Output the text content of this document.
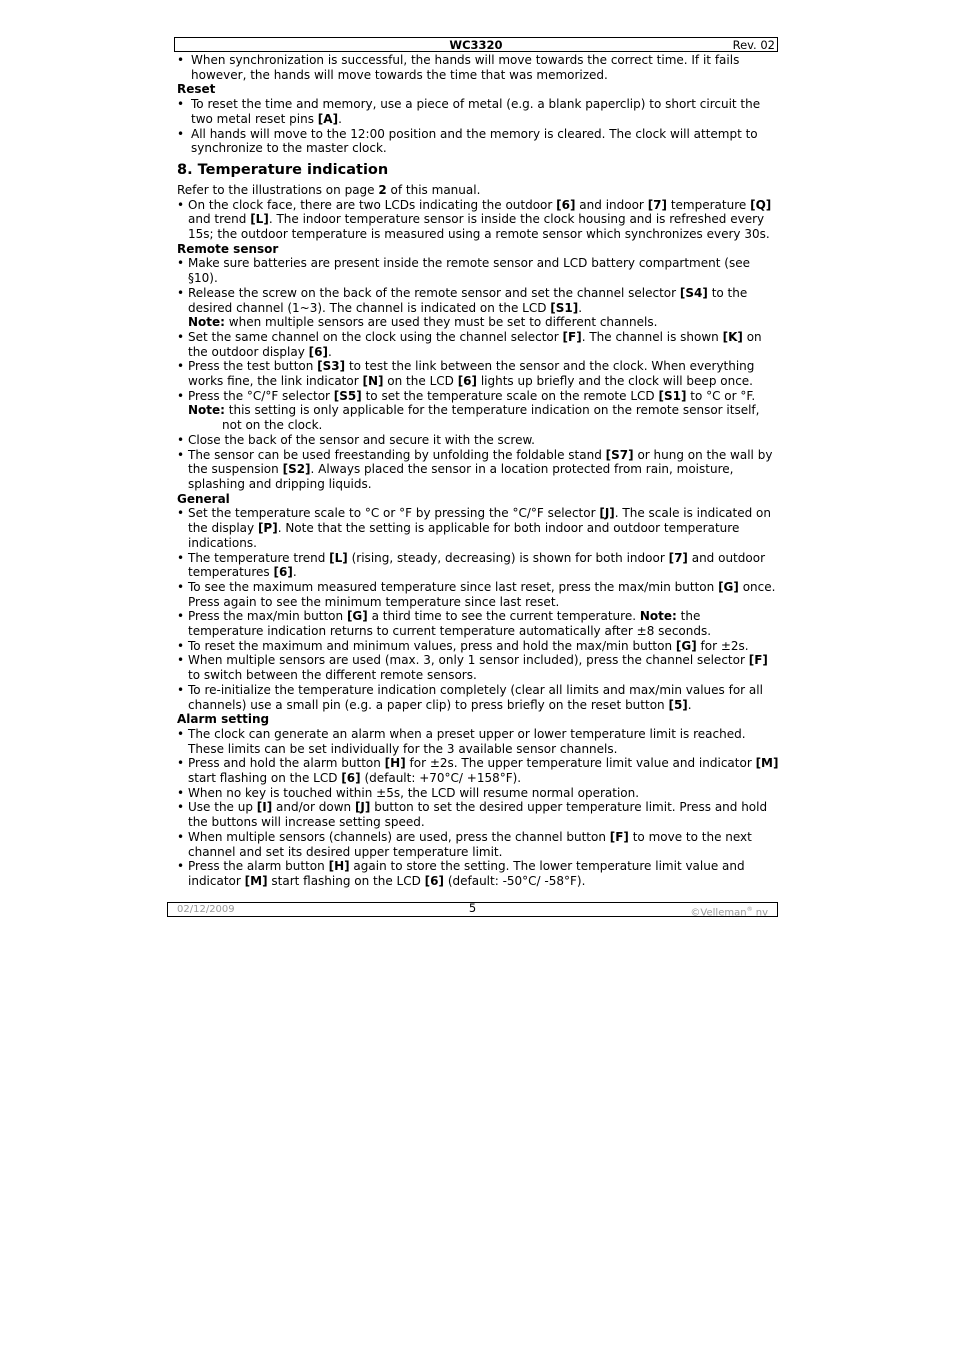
WC3320	Rev. 02
• When synchronization is successful, the hands will move towards the correct time. If it fails however, the hands will move towards the time that was memorized.

Reset

• To reset the time and memory, use a piece of metal (e.g. a blank paperclip) to short circuit the two metal reset pins [A].
• All hands will move to the 12:00 position and the memory is cleared. The clock will attempt to synchronize to the master clock.

8. Temperature indication

Refer to the illustrations on page 2 of this manual.

• On the clock face, there are two LCDs indicating the outdoor [6] and indoor [7] temperature [Q] and trend [L]. The indoor temperature sensor is inside the clock housing and is refreshed every 15s; the outdoor temperature is measured using a remote sensor which synchronizes every 30s.

Remote sensor

• Make sure batteries are present inside the remote sensor and LCD battery compartment (see §10).
• Release the screw on the back of the remote sensor and set the channel selector [S4] to the desired channel (1~3). The channel is indicated on the LCD [S1].
Note: when multiple sensors are used they must be set to different channels.
• Set the same channel on the clock using the channel selector [F]. The channel is shown [K] on the outdoor display [6].
• Press the test button [S3] to test the link between the sensor and the clock. When everything works fine, the link indicator [N] on the LCD [6] lights up briefly and the clock will beep once.
• Press the °C/°F selector [S5] to set the temperature scale on the remote LCD [S1] to °C or °F.
Note: this setting is only applicable for the temperature indication on the remote sensor itself,
not on the clock.
• Close the back of the sensor and secure it with the screw.
• The sensor can be used freestanding by unfolding the foldable stand [S7] or hung on the wall by the suspension [S2]. Always placed the sensor in a location protected from rain, moisture, splashing and dripping liquids.

General

• Set the temperature scale to °C or °F by pressing the °C/°F selector [J]. The scale is indicated on the display [P]. Note that the setting is applicable for both indoor and outdoor temperature indications.
• The temperature trend [L] (rising, steady, decreasing) is shown for both indoor [7] and outdoor temperatures [6].
• To see the maximum measured temperature since last reset, press the max/min button [G] once. Press again to see the minimum temperature since last reset.
• Press the max/min button [G] a third time to see the current temperature. Note: the temperature indication returns to current temperature automatically after ±8 seconds.
• To reset the maximum and minimum values, press and hold the max/min button [G] for ±2s.
• When multiple sensors are used (max. 3, only 1 sensor included), press the channel selector [F] to switch between the different remote sensors.
• To re-initialize the temperature indication completely (clear all limits and max/min values for all channels) use a small pin (e.g. a paper clip) to press briefly on the reset button [5].

Alarm setting

• The clock can generate an alarm when a preset upper or lower temperature limit is reached. These limits can be set individually for the 3 available sensor channels.
• Press and hold the alarm button [H] for ±2s. The upper temperature limit value and indicator [M] start flashing on the LCD [6] (default: +70°C/ +158°F).
• When no key is touched within ±5s, the LCD will resume normal operation.
• Use the up [I] and/or down [J] button to set the desired upper temperature limit. Press and hold the buttons will increase setting speed.
• When multiple sensors (channels) are used, press the channel button [F] to move to the next channel and set its desired upper temperature limit.
• Press the alarm button [H] again to store the setting. The lower temperature limit value and indicator [M] start flashing on the LCD [6] (default: -50°C/ -58°F).
02/12/2009	5	©Velleman® nv
